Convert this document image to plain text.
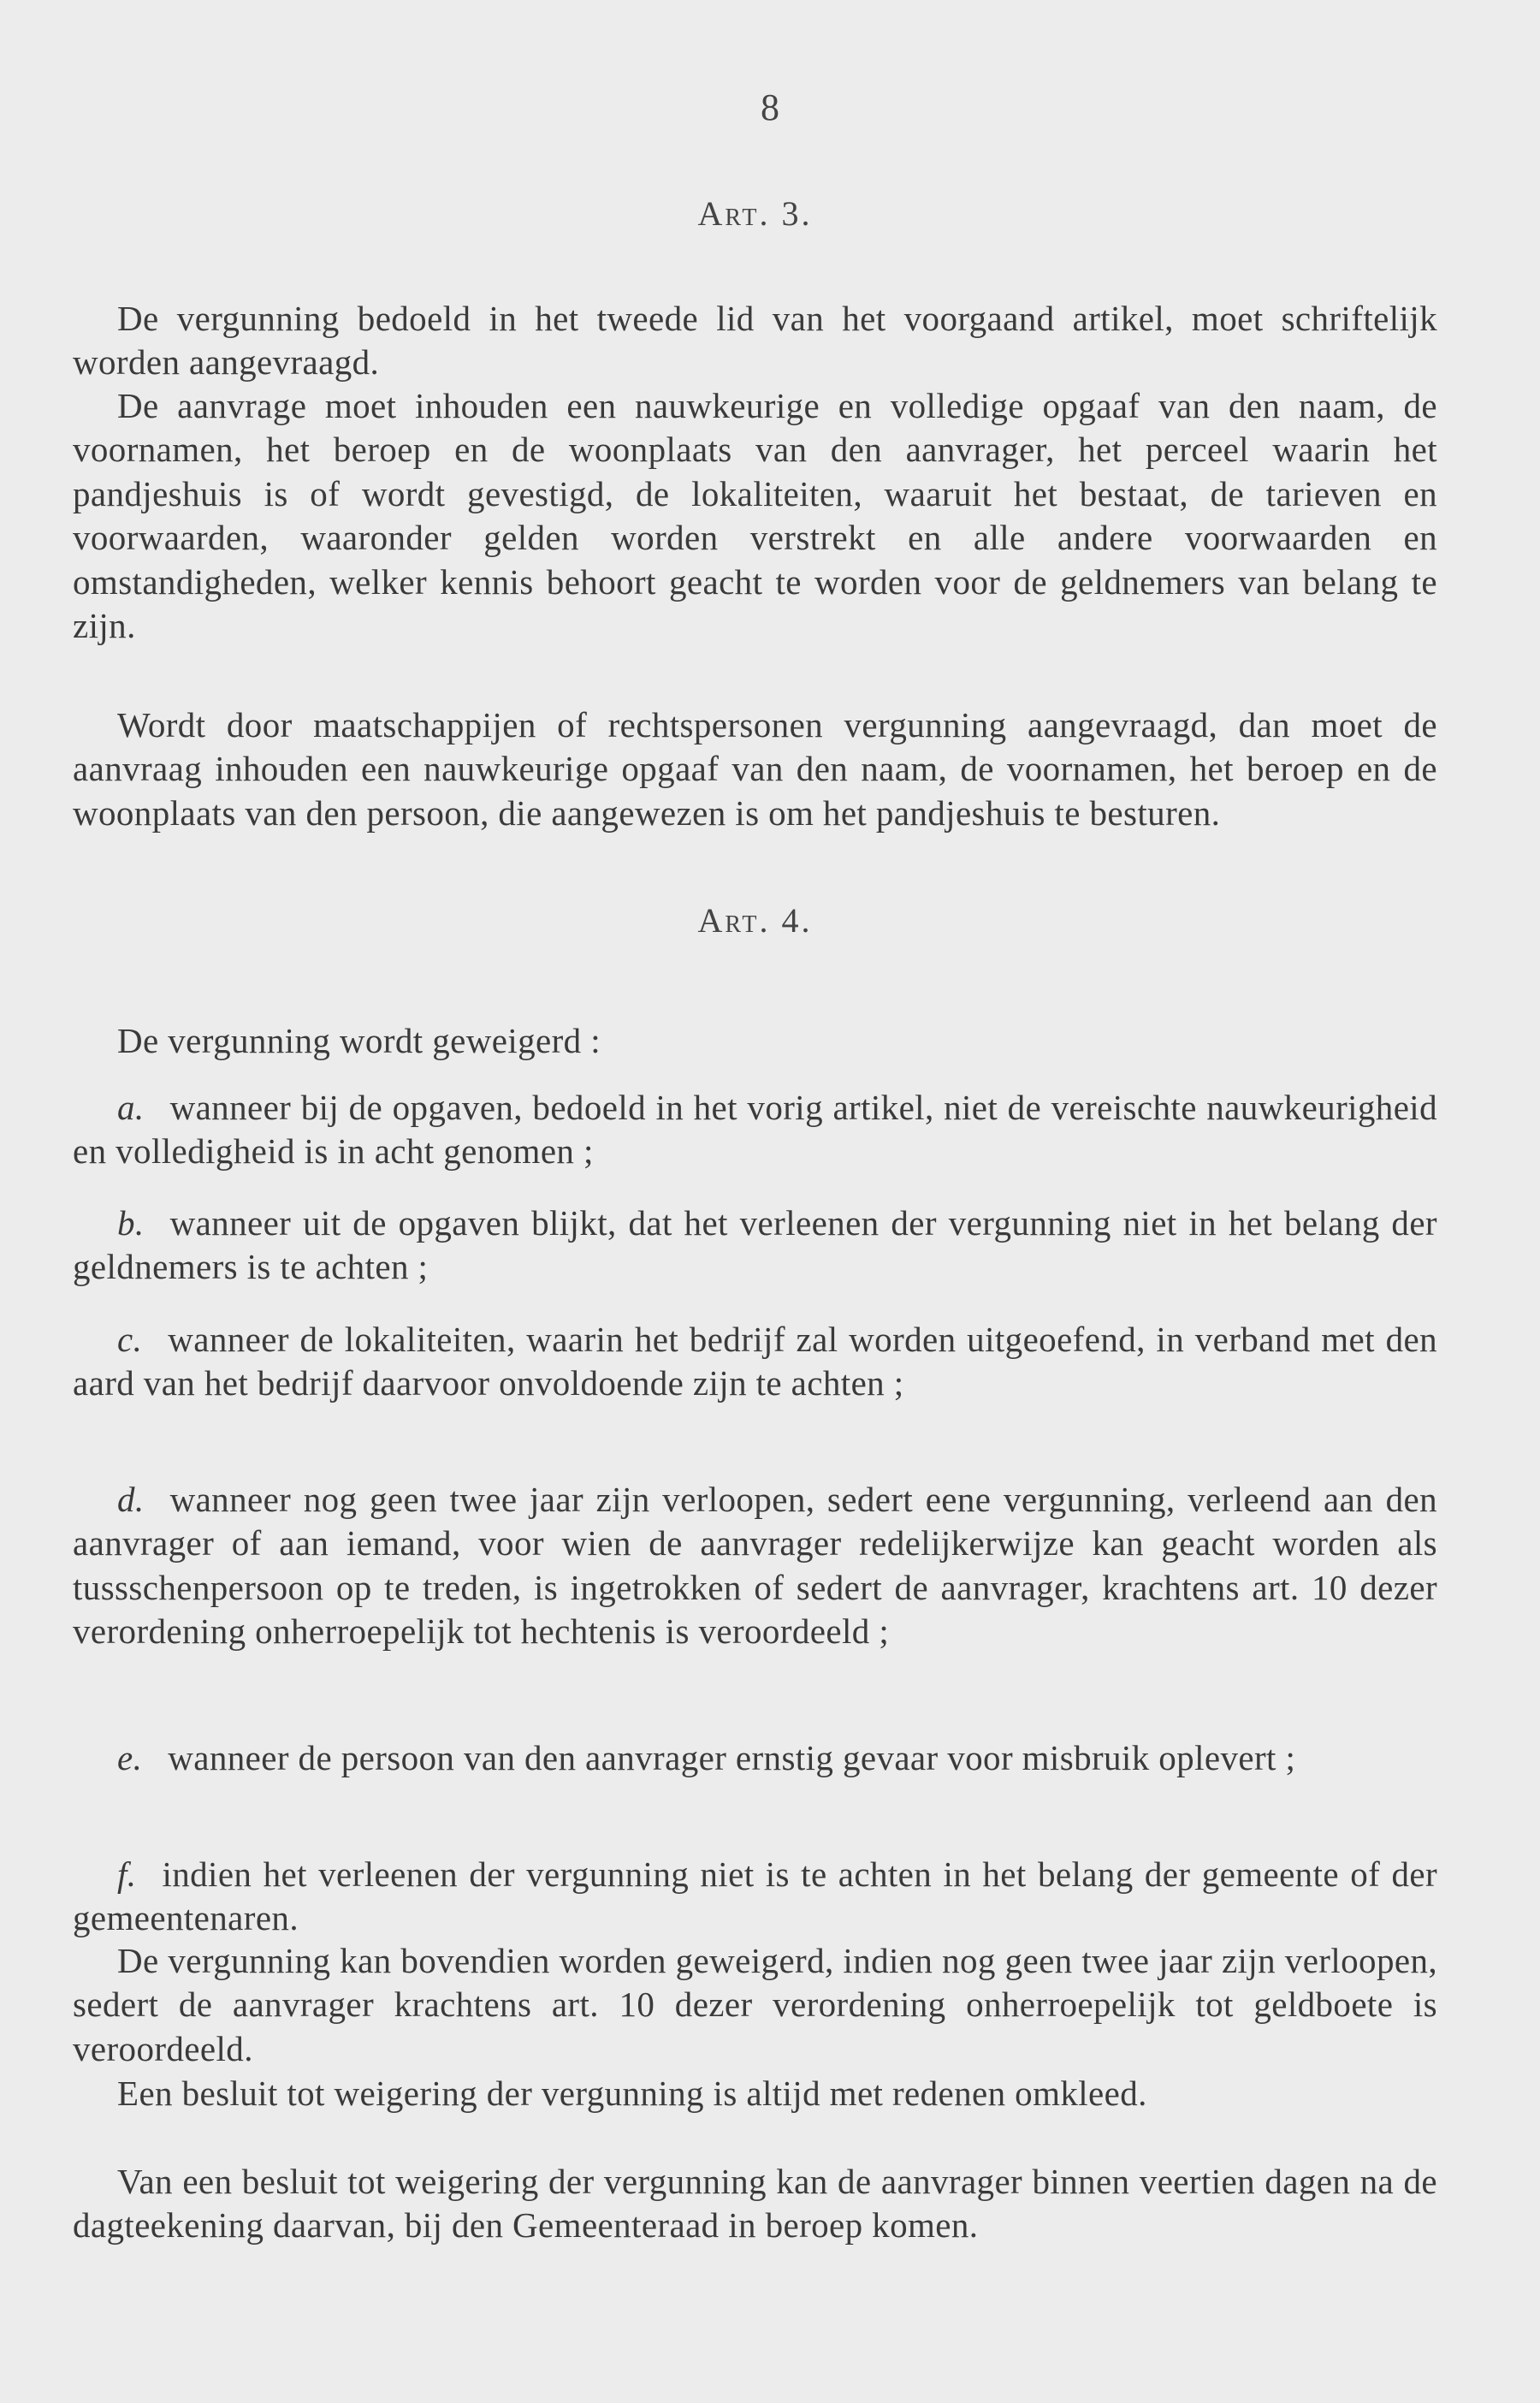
8
Art. 3.

De vergunning bedoeld in het tweede lid van het voorgaand artikel, moet schriftelijk worden aangevraagd.

De aanvrage moet inhouden een nauwkeurige en volledige opgaaf van den naam, de voornamen, het beroep en de woonplaats van den aanvrager, het perceel waarin het pandjeshuis is of wordt gevestigd, de lokaliteiten, waaruit het bestaat, de tarieven en voorwaarden, waaronder gelden worden verstrekt en alle andere voorwaarden en omstandigheden, welker kennis behoort geacht te worden voor de geldnemers van belang te zijn.

Wordt door maatschappijen of rechtspersonen vergunning aangevraagd, dan moet de aanvraag inhouden een nauwkeurige opgaaf van den naam, de voornamen, het beroep en de woonplaats van den persoon, die aangewezen is om het pandjeshuis te besturen.

Art. 4.

De vergunning wordt geweigerd :

a. wanneer bij de opgaven, bedoeld in het vorig artikel, niet de vereischte nauwkeurigheid en volledigheid is in acht genomen ;

b. wanneer uit de opgaven blijkt, dat het verleenen der vergunning niet in het belang der geldnemers is te achten ;

c. wanneer de lokaliteiten, waarin het bedrijf zal worden uitgeoefend, in verband met den aard van het bedrijf daarvoor onvoldoende zijn te achten ;

d. wanneer nog geen twee jaar zijn verloopen, sedert eene vergunning, verleend aan den aanvrager of aan iemand, voor wien de aanvrager redelijkerwijze kan geacht worden als tussschenpersoon op te treden, is ingetrokken of sedert de aanvrager, krachtens art. 10 dezer verordening onherroepelijk tot hechtenis is veroordeeld ;

e. wanneer de persoon van den aanvrager ernstig gevaar voor misbruik oplevert ;

f. indien het verleenen der vergunning niet is te achten in het belang der gemeente of der gemeentenaren.

De vergunning kan bovendien worden geweigerd, indien nog geen twee jaar zijn verloopen, sedert de aanvrager krachtens art. 10 dezer verordening onherroepelijk tot geldboete is veroordeeld.

Een besluit tot weigering der vergunning is altijd met redenen omkleed.

Van een besluit tot weigering der vergunning kan de aanvrager binnen veertien dagen na de dagteekening daarvan, bij den Gemeenteraad in beroep komen.
